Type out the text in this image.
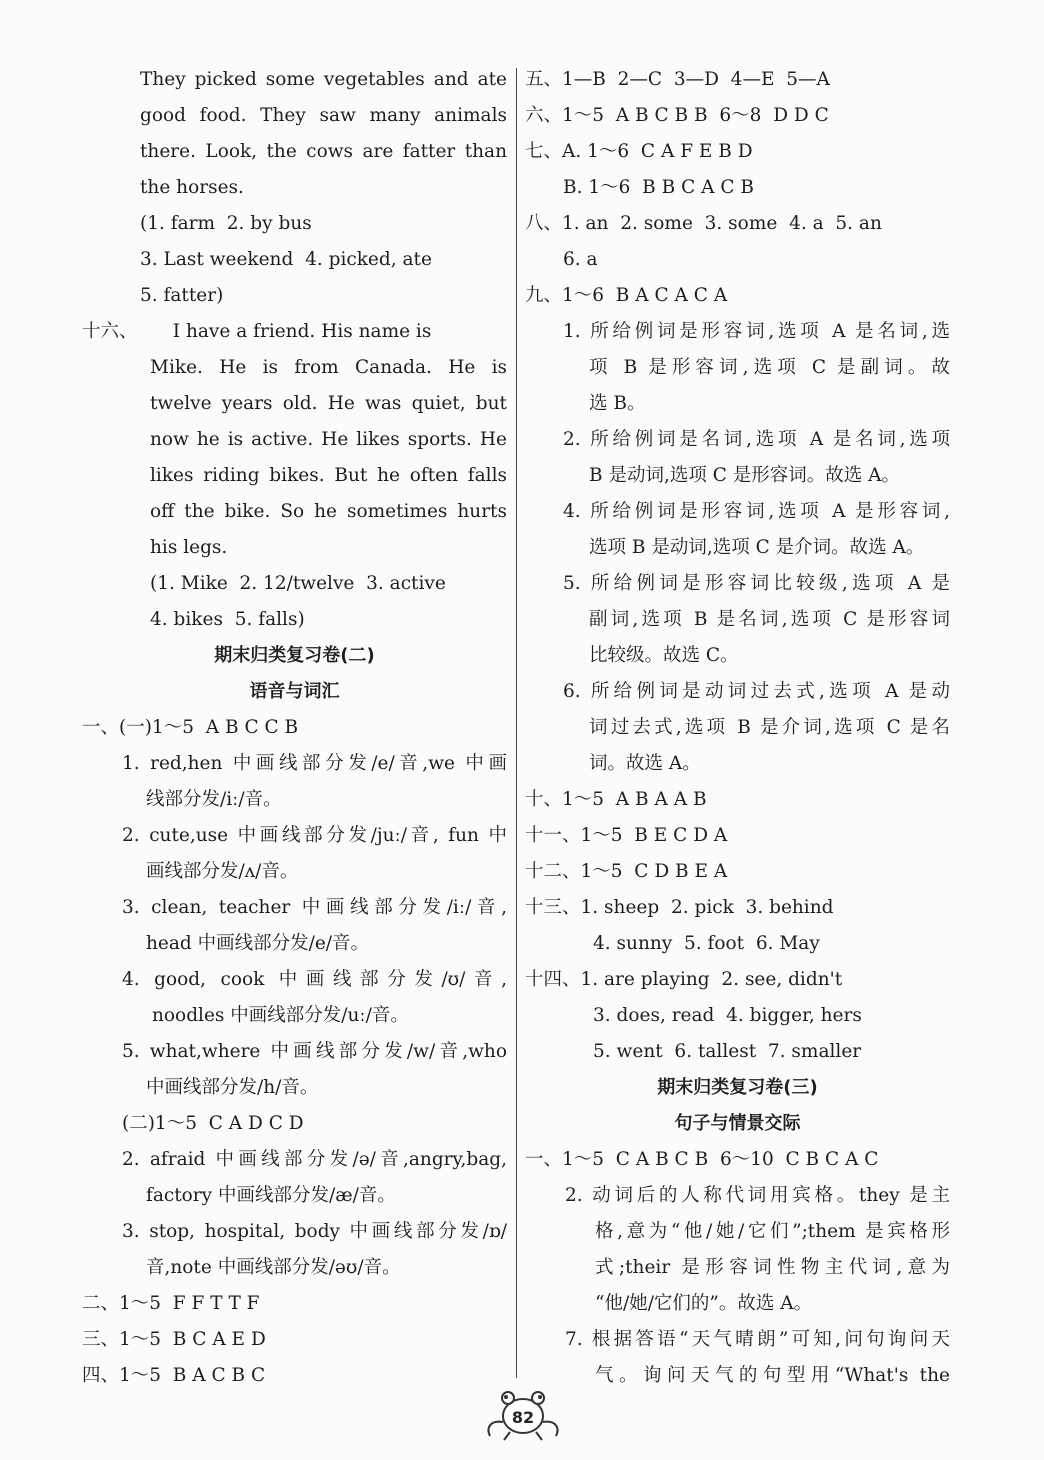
They picked some vegetables and ate
good food. They saw many animals
there. Look, the cows are fatter than
the horses.
(1. farm  2. by bus
3. Last weekend  4. picked, ate
5. fatter)
十六、      I have a friend. His name is
Mike. He is from Canada. He is
twelve years old. He was quiet, but
now he is active. He likes sports. He
likes riding bikes. But he often falls
off the bike. So he sometimes hurts
his legs.
(1. Mike  2. 12/twelve  3. active
4. bikes  5. falls)
期末归类复习卷(二)
语音与词汇
一、(一)1～5  A B C C B
1. red,hen 中画线部分发/e/音,we 中画
线部分发/iː/音。
2. cute,use 中画线部分发/juː/音, fun 中
画线部分发/ʌ/音。
3. clean, teacher 中画线部分发/iː/音,
head 中画线部分发/e/音。
4. good, cook 中画线部分发/ʊ/音,
noodles 中画线部分发/uː/音。
5. what,where 中画线部分发/w/音,who
中画线部分发/h/音。
(二)1～5  C A D C D
2. afraid 中画线部分发/ə/音,angry,bag,
factory 中画线部分发/æ/音。
3. stop, hospital, body 中画线部分发/ɒ/
音,note 中画线部分发/əʊ/音。
二、1～5  F F T T F
三、1～5  B C A E D
四、1～5  B A C B C
五、1—B  2—C  3—D  4—E  5—A
六、1～5  A B C B B  6～8  D D C
七、A. 1～6  C A F E B D
B. 1～6  B B C A C B
八、1. an  2. some  3. some  4. a  5. an
6. a
九、1～6  B A C A C A
1. 所给例词是形容词,选项 A 是名词,选
项 B 是形容词,选项 C 是副词。故
选 B。
2. 所给例词是名词,选项 A 是名词,选项
B 是动词,选项 C 是形容词。故选 A。
4. 所给例词是形容词,选项 A 是形容词,
选项 B 是动词,选项 C 是介词。故选 A。
5. 所给例词是形容词比较级,选项 A 是
副词,选项 B 是名词,选项 C 是形容词
比较级。故选 C。
6. 所给例词是动词过去式,选项 A 是动
词过去式,选项 B 是介词,选项 C 是名
词。故选 A。
十、1～5  A B A A B
十一、1～5  B E C D A
十二、1～5  C D B E A
十三、1. sheep  2. pick  3. behind
4. sunny  5. foot  6. May
十四、1. are playing  2. see, didn't
3. does, read  4. bigger, hers
5. went  6. tallest  7. smaller
期末归类复习卷(三)
句子与情景交际
一、1～5  C A B C B  6～10  C B C A C
2. 动词后的人称代词用宾格。they 是主
格,意为“他/她/它们”;them 是宾格形
式;their 是形容词性物主代词,意为
“他/她/它们的”。故选 A。
7. 根据答语“天气晴朗”可知,问句询问天
气。询问天气的句型用“What's the
82
